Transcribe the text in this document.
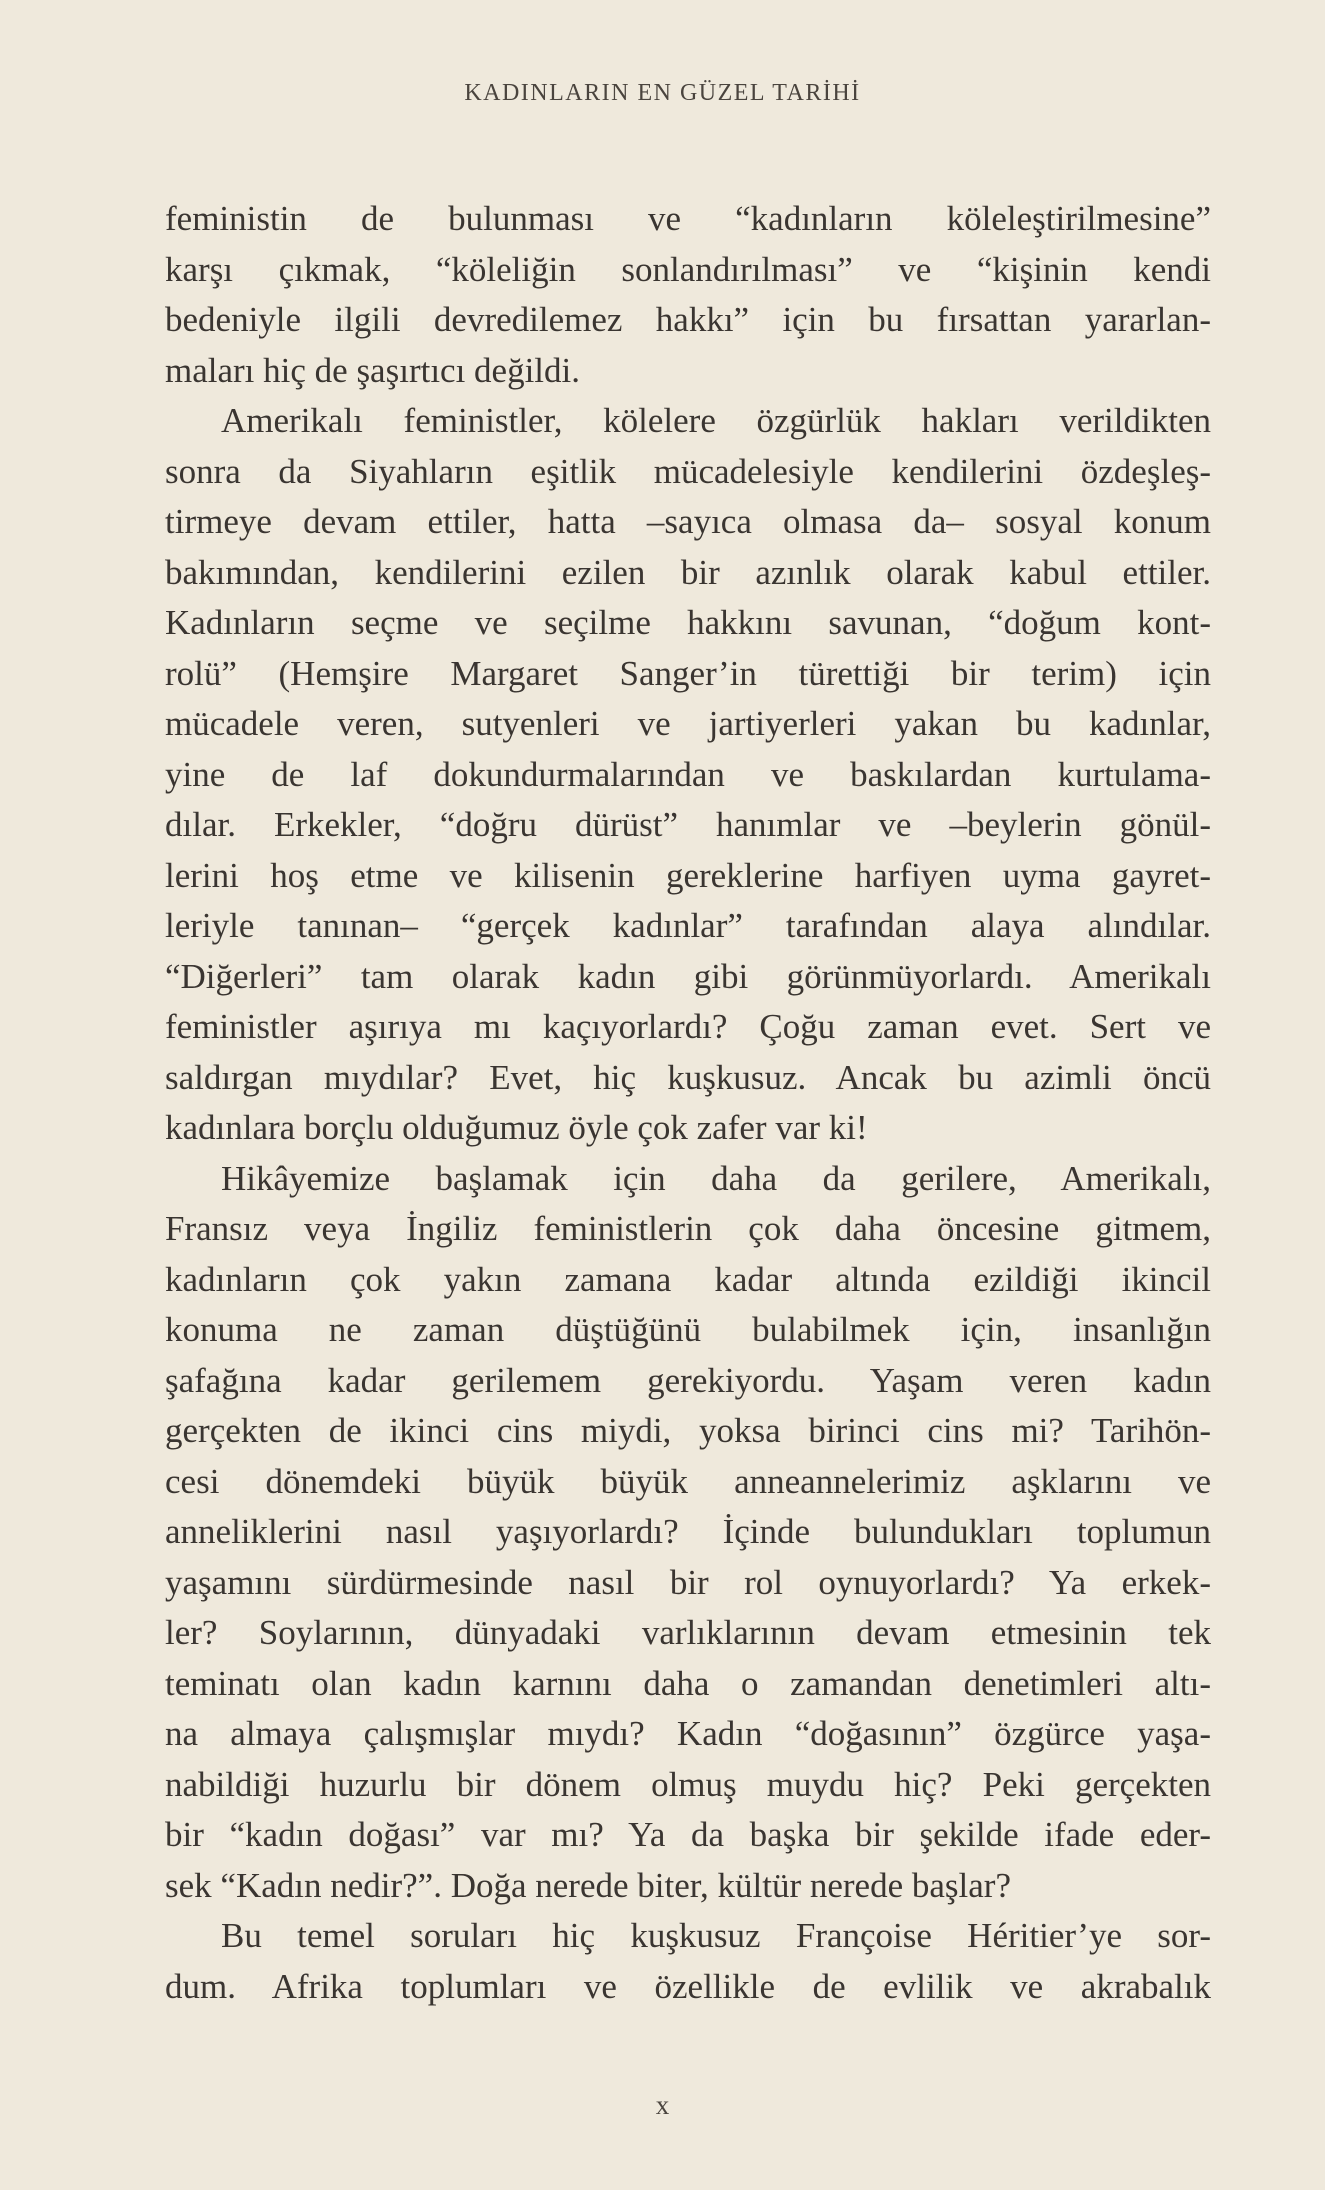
KADINLARIN EN GÜZEL TARİHİ
feministin de bulunması ve “kadınların köleleştirilmesine”
karşı çıkmak, “köleliğin sonlandırılması” ve “kişinin kendi
bedeniyle ilgili devredilemez hakkı” için bu fırsattan yararlan-
maları hiç de şaşırtıcı değildi.
Amerikalı feministler, kölelere özgürlük hakları verildikten
sonra da Siyahların eşitlik mücadelesiyle kendilerini özdeşleş-
tirmeye devam ettiler, hatta –sayıca olmasa da– sosyal konum
bakımından, kendilerini ezilen bir azınlık olarak kabul ettiler.
Kadınların seçme ve seçilme hakkını savunan, “doğum kont-
rolü” (Hemşire Margaret Sanger’in türettiği bir terim) için
mücadele veren, sutyenleri ve jartiyerleri yakan bu kadınlar,
yine de laf dokundurmalarından ve baskılardan kurtulama-
dılar. Erkekler, “doğru dürüst” hanımlar ve –beylerin gönül-
lerini hoş etme ve kilisenin gereklerine harfiyen uyma gayret-
leriyle tanınan– “gerçek kadınlar” tarafından alaya alındılar.
“Diğerleri” tam olarak kadın gibi görünmüyorlardı. Amerikalı
feministler aşırıya mı kaçıyorlardı? Çoğu zaman evet. Sert ve
saldırgan mıydılar? Evet, hiç kuşkusuz. Ancak bu azimli öncü
kadınlara borçlu olduğumuz öyle çok zafer var ki!
Hikâyemize başlamak için daha da gerilere, Amerikalı,
Fransız veya İngiliz feministlerin çok daha öncesine gitmem,
kadınların çok yakın zamana kadar altında ezildiği ikincil
konuma ne zaman düştüğünü bulabilmek için, insanlığın
şafağına kadar gerilemem gerekiyordu. Yaşam veren kadın
gerçekten de ikinci cins miydi, yoksa birinci cins mi? Tarihön-
cesi dönemdeki büyük büyük anneannelerimiz aşklarını ve
anneliklerini nasıl yaşıyorlardı? İçinde bulundukları toplumun
yaşamını sürdürmesinde nasıl bir rol oynuyorlardı? Ya erkek-
ler? Soylarının, dünyadaki varlıklarının devam etmesinin tek
teminatı olan kadın karnını daha o zamandan denetimleri altı-
na almaya çalışmışlar mıydı? Kadın “doğasının” özgürce yaşa-
nabildiği huzurlu bir dönem olmuş muydu hiç? Peki gerçekten
bir “kadın doğası” var mı? Ya da başka bir şekilde ifade eder-
sek “Kadın nedir?”. Doğa nerede biter, kültür nerede başlar?
Bu temel soruları hiç kuşkusuz Françoise Héritier’ye sor-
dum. Afrika toplumları ve özellikle de evlilik ve akrabalık
x
